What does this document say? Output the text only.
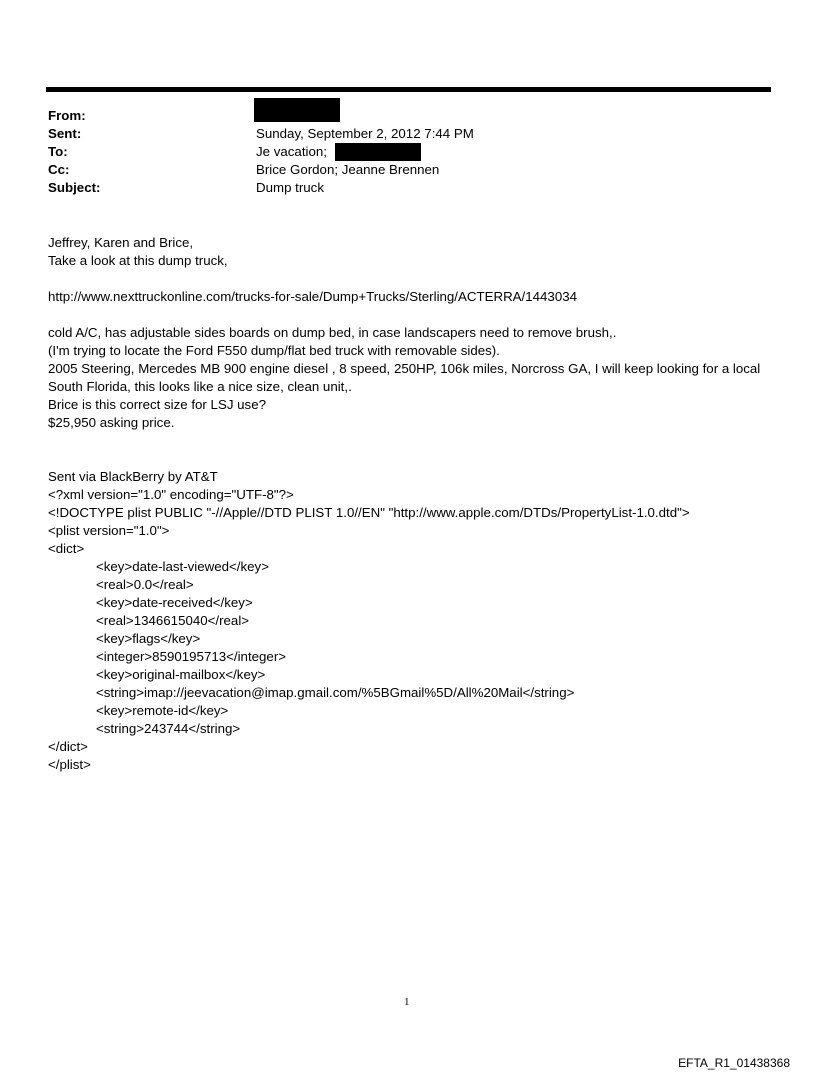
From:
Sent:
To:
Cc:
Subject:
Sunday, September 2, 2012 7:44 PM
Je vacation;
Brice Gordon; Jeanne Brennen
Dump truck
Jeffrey, Karen and Brice,
Take a look at this dump truck,
http://www.nexttruckonline.com/trucks-for-sale/Dump+Trucks/Sterling/ACTERRA/1443034
cold A/C, has adjustable sides boards on dump bed, in case landscapers need to remove brush,.
(I'm trying to locate the Ford F550 dump/flat bed truck with removable sides).
2005 Steering, Mercedes MB 900 engine diesel , 8 speed, 250HP, 106k miles, Norcross GA, I will keep looking for a local
South Florida, this looks like a nice size, clean unit,.
Brice is this correct size for LSJ use?
$25,950 asking price.
Sent via BlackBerry by AT&T
<?xml version="1.0" encoding="UTF-8"?>
<!DOCTYPE plist PUBLIC "-//Apple//DTD PLIST 1.0//EN" "http://www.apple.com/DTDs/PropertyList-1.0.dtd">
<plist version="1.0">
<dict>
<key>date-last-viewed</key>
<real>0.0</real>
<key>date-received</key>
<real>1346615040</real>
<key>flags</key>
<integer>8590195713</integer>
<key>original-mailbox</key>
<string>imap://jeevacation@imap.gmail.com/%5BGmail%5D/All%20Mail</string>
<key>remote-id</key>
<string>243744</string>
</dict>
</plist>
1
EFTA_R1_01438368
